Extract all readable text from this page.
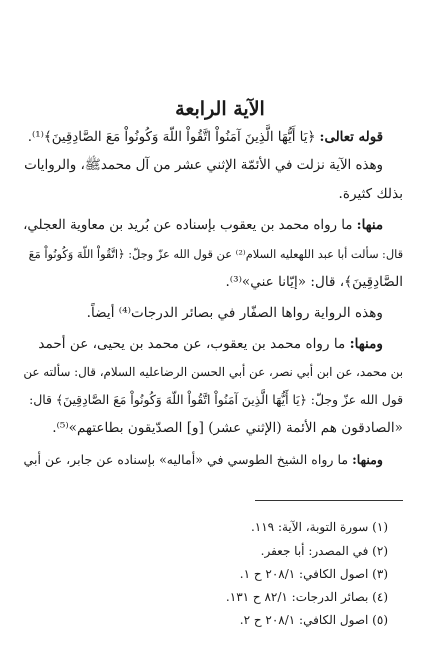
الآية الرابعة
قوله تعالى: ﴿يَا أَيُّهَا الَّذِينَ آمَنُواْ اتَّقُواْ اللّهَ وَكُونُواْ مَعَ الصَّادِقِينَ﴾⁽¹⁾.
وهذه الآية نزلت في الأئمّة الإثني عشر من آل محمدﷺ، والروايات
بذلك كثيرة.
منها: ما رواه محمد بن يعقوب بإسناده عن بُريد بن معاوية العجلي،
قال: سألت أبا عبد اللهعليه السلام⁽²⁾ عن قول الله عزّ وجلّ: ﴿اتَّقُواْ اللّهَ وَكُونُواْ مَعَ
الصَّادِقِينَ﴾، قال: «إيّانا عني»⁽³⁾.
وهذه الرواية رواها الصفّار في بصائر الدرجات⁽⁴⁾ أيضاً.
ومنها: ما رواه محمد بن يعقوب، عن محمد بن يحيى، عن أحمد
بن محمد، عن ابن أبي نصر، عن أبي الحسن الرضاعليه السلام، قال: سألته عن
قول الله عزّ وجلّ: ﴿يَا أَيُّهَا الَّذِينَ آمَنُواْ اتَّقُواْ اللّهَ وَكُونُواْ مَعَ الصَّادِقِينَ﴾ قال:
«الصادقون هم الأئمة (الإثني عشر) [و] الصدّيقون بطاعتهم»⁽⁵⁾.
ومنها: ما رواه الشيخ الطوسي في «أماليه» بإسناده عن جابر، عن أبي
(١) سورة التوبة، الآية: ١١٩.
(٢) في المصدر: أبا جعفر.
(٣) اصول الكافي: ٢٠٨/١ ح ١.
(٤) بصائر الدرجات: ٨٢/١ ح ١٣١.
(٥) اصول الكافي: ٢٠٨/١ ح ٢.
